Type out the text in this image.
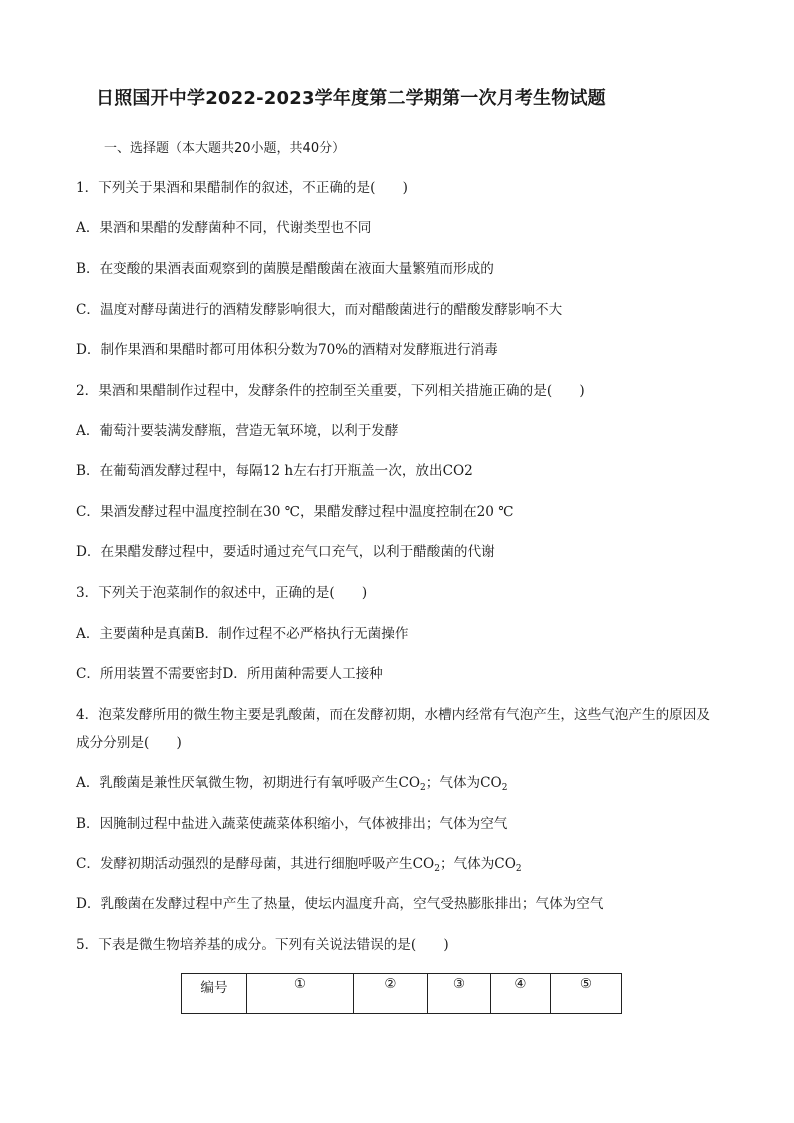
日照国开中学2022-2023学年度第二学期第一次月考生物试题
一、选择题（本大题共20小题，共40分）
1．下列关于果酒和果醋制作的叙述，不正确的是(　　)
A．果酒和果醋的发酵菌种不同，代谢类型也不同
B．在变酸的果酒表面观察到的菌膜是醋酸菌在液面大量繁殖而形成的
C．温度对酵母菌进行的酒精发酵影响很大，而对醋酸菌进行的醋酸发酵影响不大
D．制作果酒和果醋时都可用体积分数为70%的酒精对发酵瓶进行消毒
2．果酒和果醋制作过程中，发酵条件的控制至关重要，下列相关措施正确的是(　　)
A．葡萄汁要装满发酵瓶，营造无氧环境，以利于发酵
B．在葡萄酒发酵过程中，每隔12 h左右打开瓶盖一次，放出CO2
C．果酒发酵过程中温度控制在30 ℃，果醋发酵过程中温度控制在20 ℃
D．在果醋发酵过程中，要适时通过充气口充气，以利于醋酸菌的代谢
3．下列关于泡菜制作的叙述中，正确的是(　　)
A．主要菌种是真菌B．制作过程不必严格执行无菌操作
C．所用装置不需要密封D．所用菌种需要人工接种
4．泡菜发酵所用的微生物主要是乳酸菌，而在发酵初期，水槽内经常有气泡产生，这些气泡产生的原因及
成分分别是(　　)
A．乳酸菌是兼性厌氧微生物，初期进行有氧呼吸产生$CO_2$；气体为$CO_2$
B．因腌制过程中盐进入蔬菜使蔬菜体积缩小，气体被排出；气体为空气
C．发酵初期活动强烈的是酵母菌，其进行细胞呼吸产生$CO_2$；气体为$CO_2$
D．乳酸菌在发酵过程中产生了热量，使坛内温度升高，空气受热膨胀排出；气体为空气
5．下表是微生物培养基的成分。下列有关说法错误的是(　　)
编号	①	②	③	④	⑤
